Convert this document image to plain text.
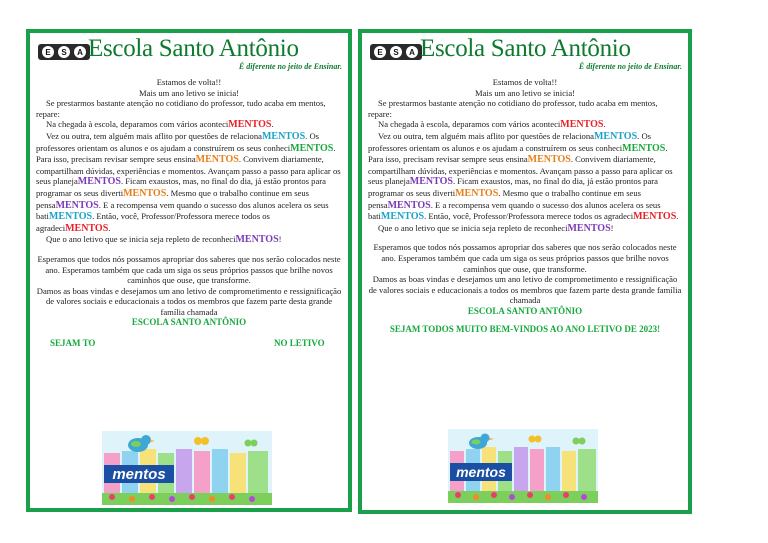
E S A Escola Santo Antônio
É diferente no jeito de Ensinar.

Estamos de volta!!

Mais um ano letivo se inicia!

Se prestarmos bastante atenção no cotidiano do professor, tudo acaba em mentos, repare:

Na chegada à escola, deparamos com vários aconteciMENTOS.

Vez ou outra, tem alguém mais aflito por questões de relacionaMENTOS. Os professores orientam os alunos e os ajudam a construírem os seus conheciMENTOS. Para isso, precisam revisar sempre seus ensinaMENTOS. Convivem diariamente, compartilham dúvidas, experiências e momentos. Avançam passo a passo para aplicar os seus planejaMENTOS. Ficam exaustos, mas, no final do dia, já estão prontos para programar os seus divertiMENTOS. Mesmo que o trabalho continue em seus pensaMENTOS. E a recompensa vem quando o sucesso dos alunos acelera os seus batiMENTOS. Então, você, Professor/Professora merece todos os agradeciMENTOS.

Que o ano letivo que se inicia seja repleto de reconheciMENTOS!

Esperamos que todos nós possamos apropriar dos saberes que nos serão colocados neste ano. Esperamos também que cada um siga os seus próprios passos que brilhe novos caminhos que ouse, que transforme.

Damos as boas vindas e desejamos um ano letivo de comprometimento e ressignificação de valores sociais e educacionais a todos os membros que fazem parte desta grande família chamada

ESCOLA SANTO ANTÔNIO

SEJAM TO	NO LETIVO
mentos
E S A Escola Santo Antônio
É diferente no jeito de Ensinar.

Estamos de volta!!

Mais um ano letivo se inicia!

Se prestarmos bastante atenção no cotidiano do professor, tudo acaba em mentos, repare:

Na chegada à escola, deparamos com vários aconteciMENTOS.

Vez ou outra, tem alguém mais aflito por questões de relacionaMENTOS. Os professores orientam os alunos e os ajudam a construírem os seus conheciMENTOS. Para isso, precisam revisar sempre seus ensinaMENTOS. Convivem diariamente, compartilham dúvidas, experiências e momentos. Avançam passo a passo para aplicar os seus planejaMENTOS. Ficam exaustos, mas, no final do dia, já estão prontos para programar os seus divertiMENTOS. Mesmo que o trabalho continue em seus pensaMENTOS. E a recompensa vem quando o sucesso dos alunos acelera os seus batiMENTOS. Então, você, Professor/Professora merece todos os agradeciMENTOS.

Que o ano letivo que se inicia seja repleto de reconheciMENTOS!

Esperamos que todos nós possamos apropriar dos saberes que nos serão colocados neste ano. Esperamos também que cada um siga os seus próprios passos que brilhe novos caminhos que ouse, que transforme.

Damos as boas vindas e desejamos um ano letivo de comprometimento e ressignificação de valores sociais e educacionais a todos os membros que fazem parte desta grande família chamada

ESCOLA SANTO ANTÔNIO

SEJAM TODOS MUITO BEM-VINDOS AO ANO LETIVO DE 2023!

mentos
